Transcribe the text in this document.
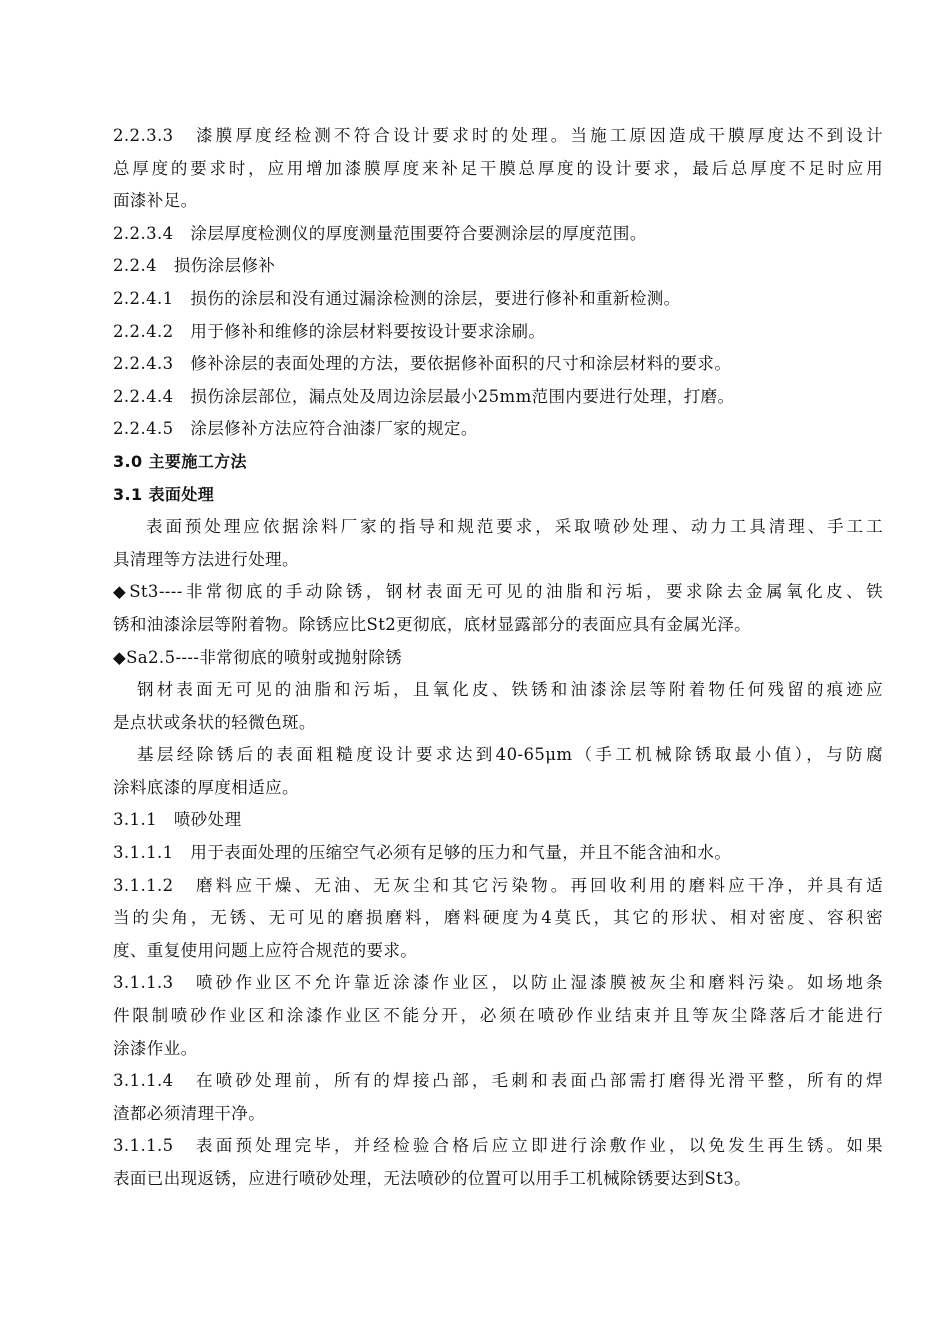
2.2.3.3　漆膜厚度经检测不符合设计要求时的处理。当施工原因造成干膜厚度达不到设计
总厚度的要求时，应用增加漆膜厚度来补足干膜总厚度的设计要求，最后总厚度不足时应用
面漆补足。
2.2.3.4　涂层厚度检测仪的厚度测量范围要符合要测涂层的厚度范围。
2.2.4　损伤涂层修补
2.2.4.1　损伤的涂层和没有通过漏涂检测的涂层，要进行修补和重新检测。
2.2.4.2　用于修补和维修的涂层材料要按设计要求涂刷。
2.2.4.3　修补涂层的表面处理的方法，要依据修补面积的尺寸和涂层材料的要求。
2.2.4.4　损伤涂层部位，漏点处及周边涂层最小25mm范围内要进行处理，打磨。
2.2.4.5　涂层修补方法应符合油漆厂家的规定。
3.0 主要施工方法
3.1 表面处理
表面预处理应依据涂料厂家的指导和规范要求，采取喷砂处理、动力工具清理、手工工
具清理等方法进行处理。
◆St3----非常彻底的手动除锈，钢材表面无可见的油脂和污垢，要求除去金属氧化皮、铁
锈和油漆涂层等附着物。除锈应比St2更彻底，底材显露部分的表面应具有金属光泽。
◆Sa2.5----非常彻底的喷射或抛射除锈
钢材表面无可见的油脂和污垢，且氧化皮、铁锈和油漆涂层等附着物任何残留的痕迹应
是点状或条状的轻微色斑。
基层经除锈后的表面粗糙度设计要求达到40-65μm（手工机械除锈取最小值），与防腐
涂料底漆的厚度相适应。
3.1.1　喷砂处理
3.1.1.1　用于表面处理的压缩空气必须有足够的压力和气量，并且不能含油和水。
3.1.1.2　磨料应干燥、无油、无灰尘和其它污染物。再回收利用的磨料应干净，并具有适
当的尖角，无锈、无可见的磨损磨料，磨料硬度为4莫氏，其它的形状、相对密度、容积密
度、重复使用问题上应符合规范的要求。
3.1.1.3　喷砂作业区不允许靠近涂漆作业区，以防止湿漆膜被灰尘和磨料污染。如场地条
件限制喷砂作业区和涂漆作业区不能分开，必须在喷砂作业结束并且等灰尘降落后才能进行
涂漆作业。
3.1.1.4　在喷砂处理前，所有的焊接凸部，毛刺和表面凸部需打磨得光滑平整，所有的焊
渣都必须清理干净。
3.1.1.5　表面预处理完毕，并经检验合格后应立即进行涂敷作业，以免发生再生锈。如果
表面已出现返锈，应进行喷砂处理，无法喷砂的位置可以用手工机械除锈要达到St3。
